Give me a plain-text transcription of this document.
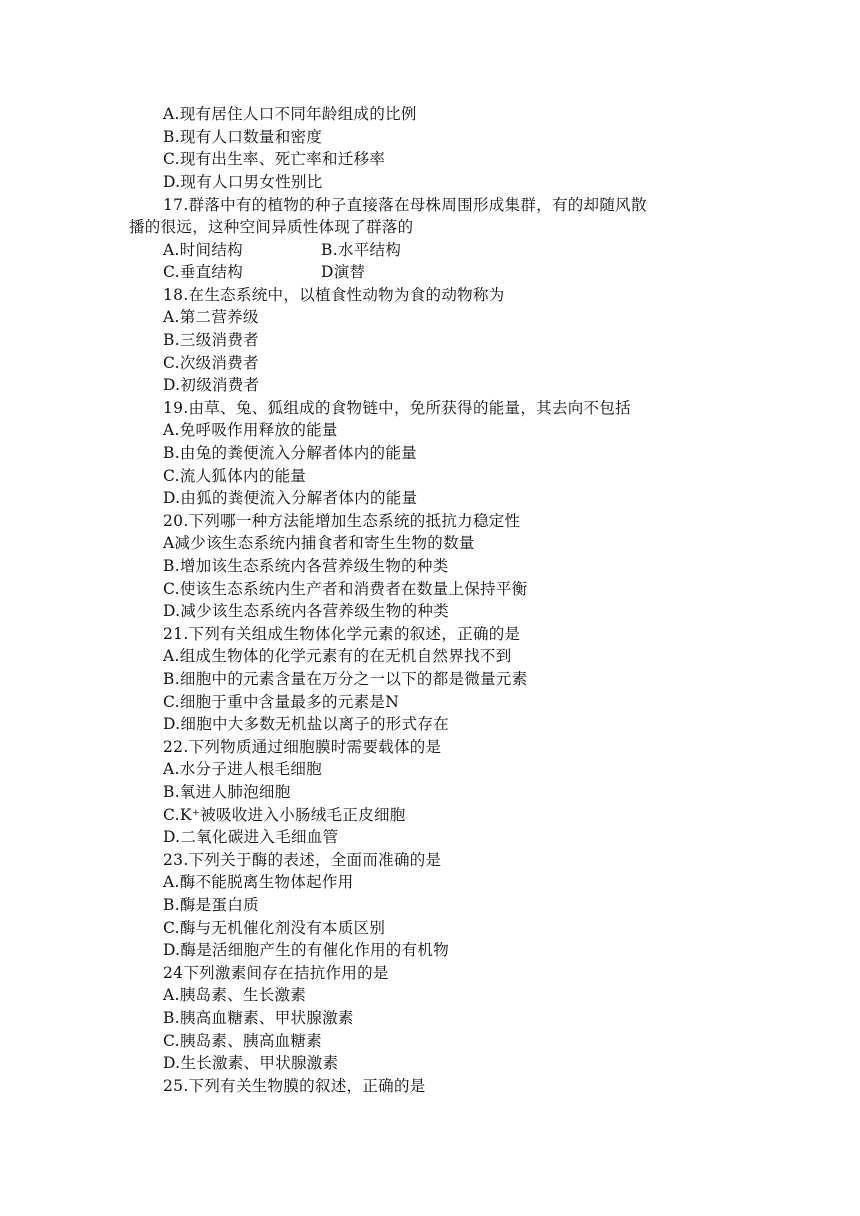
A.现有居住人口不同年龄组成的比例
B.现有人口数量和密度
C.现有出生率、死亡率和迁移率
D.现有人口男女性别比
17.群落中有的植物的种子直接落在母株周围形成集群，有的却随风散
播的很远，这种空间异质性体现了群落的
A.时间结构	B.水平结构
C.垂直结构	D演替
18.在生态系统中，以植食性动物为食的动物称为
A.第二营养级
B.三级消费者
C.次级消费者
D.初级消费者
19.由草、兔、狐组成的食物链中，免所获得的能量，其去向不包括
A.免呼吸作用释放的能量
B.由兔的粪便流入分解者体内的能量
C.流人狐体内的能量
D.由狐的粪便流入分解者体内的能量
20.下列哪一种方法能增加生态系统的抵抗力稳定性
A减少该生态系统内捕食者和寄生生物的数量
B.增加该生态系统内各营养级生物的种类
C.使该生态系统内生产者和消费者在数量上保持平衡
D.减少该生态系统内各营养级生物的种类
21.下列有关组成生物体化学元素的叙述，正确的是
A.组成生物体的化学元素有的在无机自然界找不到
B.细胞中的元素含量在万分之一以下的都是微量元素
C.细胞于重中含量最多的元素是N
D.细胞中大多数无机盐以离子的形式存在
22.下列物质通过细胞膜时需要载体的是
A.水分子进人根毛细胞
B.氧进人肺泡细胞
C.K⁺被吸收进入小肠绒毛正皮细胞
D.二氧化碳进入毛细血管
23.下列关于酶的表述，全面而准确的是
A.酶不能脱离生物体起作用
B.酶是蛋白质
C.酶与无机催化剂没有本质区别
D.酶是活细胞产生的有催化作用的有机物
24下列激素间存在拮抗作用的是
A.胰岛素、生长激素
B.胰高血糖素、甲状腺激素
C.胰岛素、胰高血糖素
D.生长激素、甲状腺激素
25.下列有关生物膜的叙述，正确的是
